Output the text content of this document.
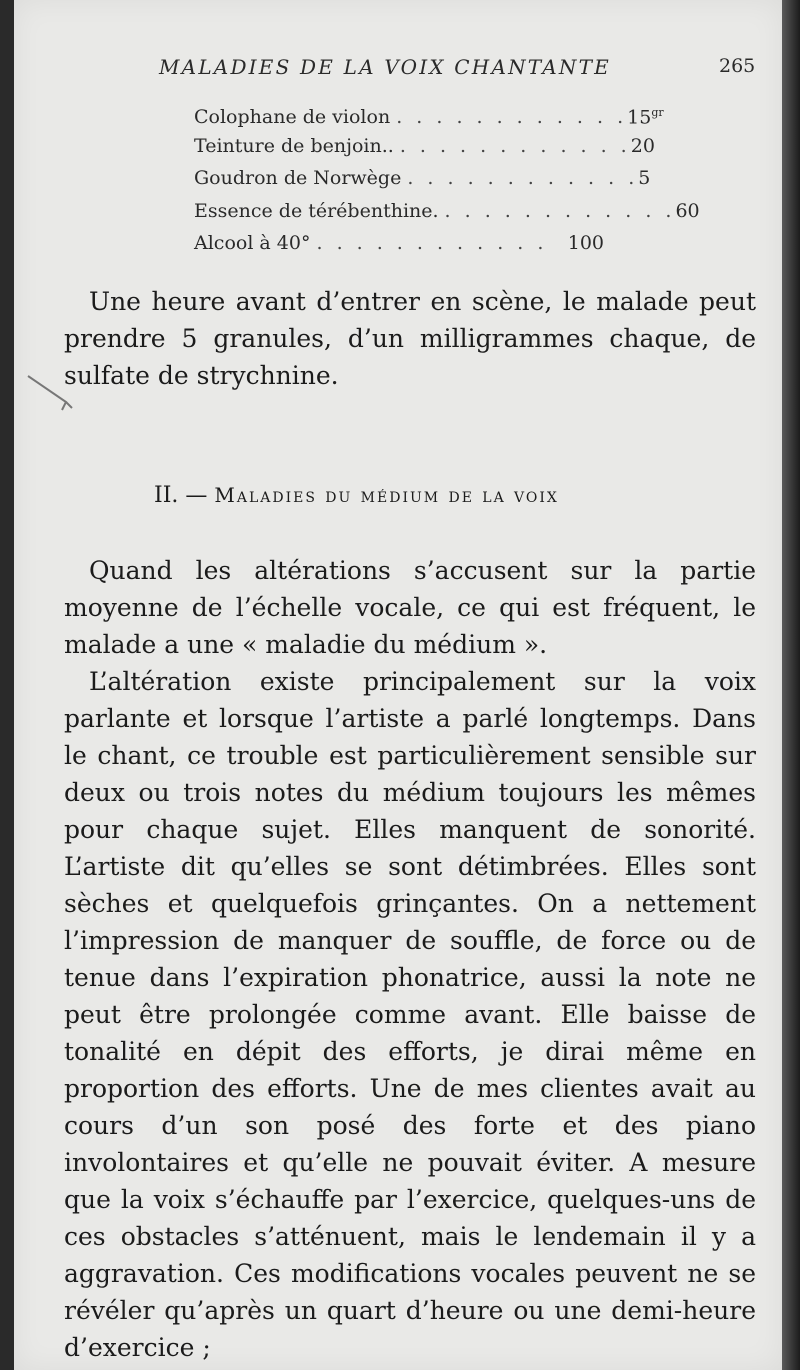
MALADIES DE LA VOIX CHANTANTE	265
Colophane de violon . . . . . . . . . . . . $15^{gr}$
Teinture de benjoin.. . . . . . . . . . . . . 20
Goudron de Norwège . . . . . . . . . . . . 5
Essence de térébenthine. . . . . . . . . . . . . 60
Alcool à 40° . . . . . . . . . . . .	100

Une heure avant d’entrer en scène, le malade peut prendre 5 granules, d’un milligrammes chaque, de sulfate de strychnine.

II. — Maladies du médium de la voix

Quand les altérations s’accusent sur la partie moyenne de l’échelle vocale, ce qui est fréquent, le malade a une « maladie du médium ».

L’altération existe principalement sur la voix parlante et lorsque l’artiste a parlé longtemps. Dans le chant, ce trouble est particulièrement sensible sur deux ou trois notes du médium toujours les mêmes pour chaque sujet. Elles manquent de sonorité. L’artiste dit qu’elles se sont détimbrées. Elles sont sèches et quelquefois grinçantes. On a nettement l’impression de manquer de souffle, de force ou de tenue dans l’expiration phonatrice, aussi la note ne peut être prolongée comme avant. Elle baisse de tonalité en dépit des efforts, je dirai même en proportion des efforts. Une de mes clientes avait au cours d’un son posé des forte et des piano involontaires et qu’elle ne pouvait éviter. A mesure que la voix s’échauffe par l’exercice, quelques-uns de ces obstacles s’atténuent, mais le lendemain il y a aggravation. Ces modifications vocales peuvent ne se révéler qu’après un quart d’heure ou une demi-heure d’exercice ;
